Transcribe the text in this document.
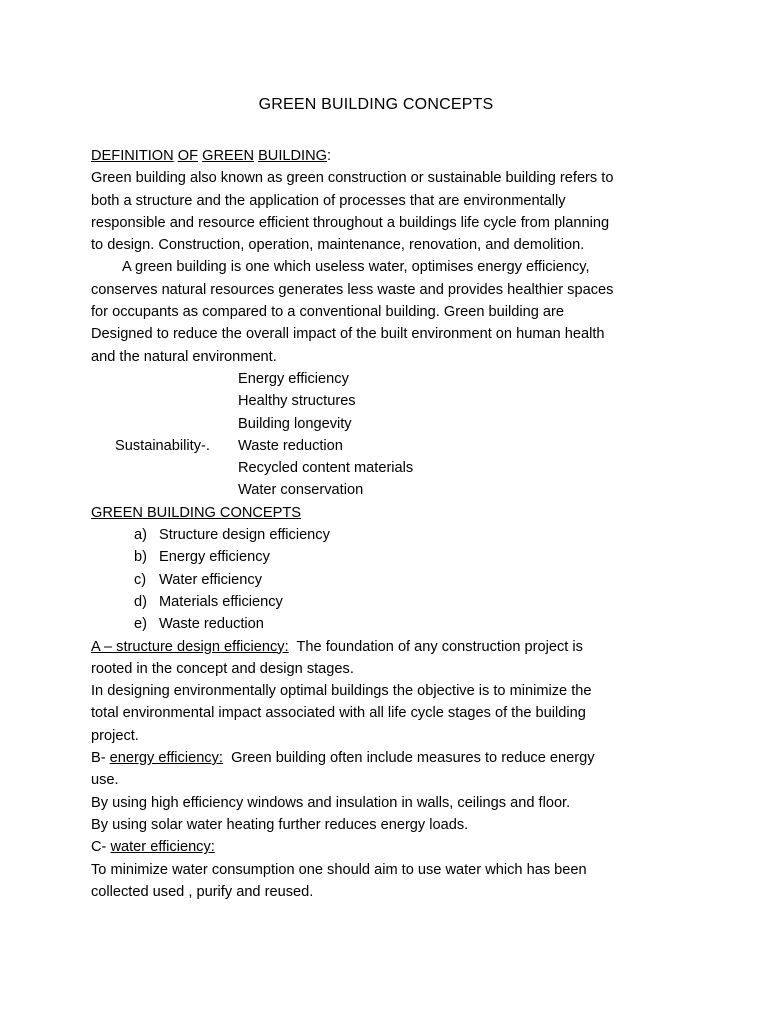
GREEN BUILDING CONCEPTS
DEFINITION OF GREEN BUILDING:
Green building also known as green construction or sustainable building refers to
both a structure and the application of processes that are environmentally
responsible and resource efficient throughout a buildings life cycle from planning
to design. Construction, operation, maintenance, renovation, and demolition.
A green building is one which useless water, optimises energy efficiency,
conserves natural resources generates less waste and provides healthier spaces
for occupants as compared to a conventional building. Green building are
Designed to reduce the overall impact of the built environment on human health
and the natural environment.
Energy efficiency
Healthy structures
Building longevity
Sustainability-.	Waste reduction
Recycled content materials
Water conservation
GREEN BUILDING CONCEPTS
a) Structure design efficiency
b) Energy efficiency
c) Water efficiency
d) Materials efficiency
e) Waste reduction
A – structure design efficiency:  The foundation of any construction project is
rooted in the concept and design stages.
In designing environmentally optimal buildings the objective is to minimize the
total environmental impact associated with all life cycle stages of the building
project.
B- energy efficiency:  Green building often include measures to reduce energy
use.
By using high efficiency windows and insulation in walls, ceilings and floor.
By using solar water heating further reduces energy loads.
C- water efficiency:
To minimize water consumption one should aim to use water which has been
collected used , purify and reused.
